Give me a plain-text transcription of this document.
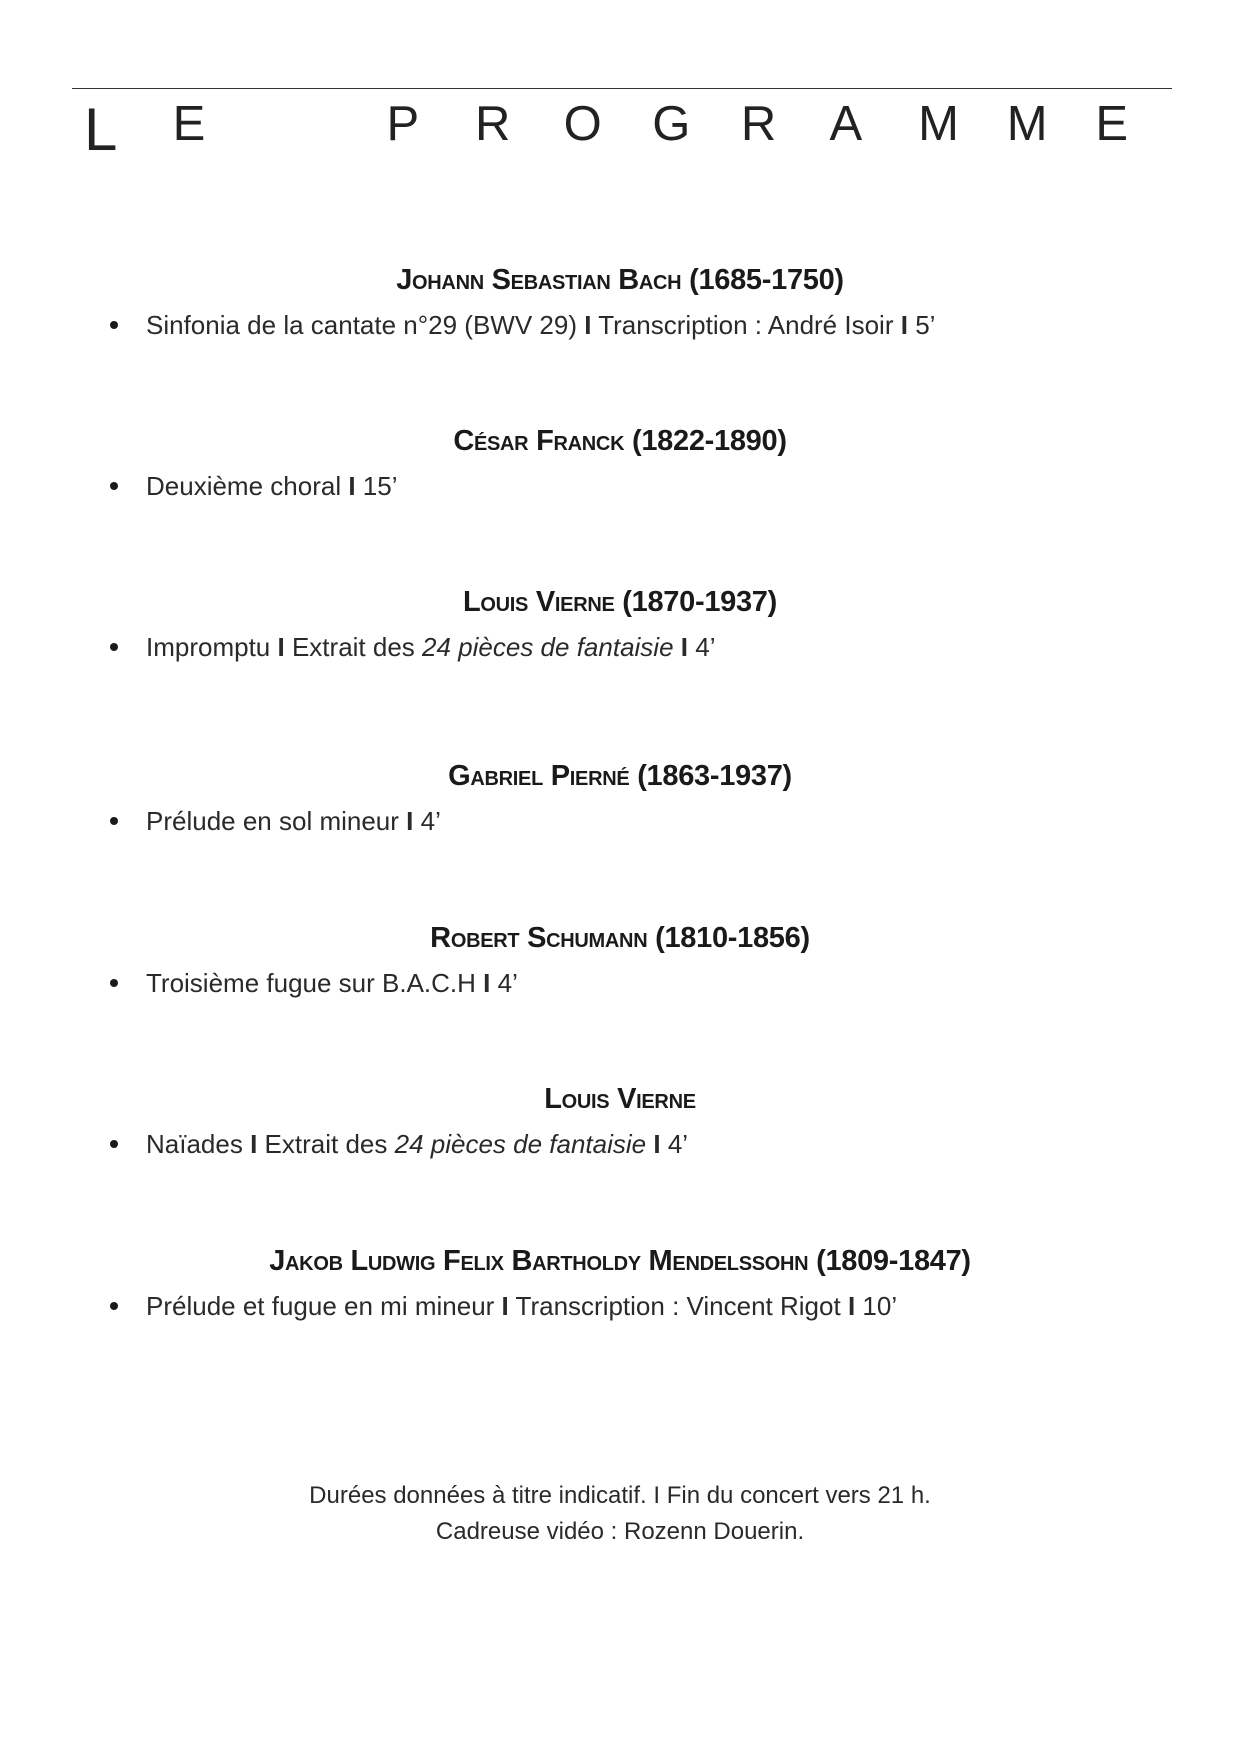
L	E	P	R	O	G	R	A	M M E
Johann Sebastian Bach (1685-1750)
Sinfonia de la cantate n°29 (BWV 29) I Transcription : André Isoir I 5’
César Franck (1822-1890)
Deuxième choral I 15’
Louis Vierne (1870-1937)
Impromptu I Extrait des 24 pièces de fantaisie I 4’
Gabriel Pierné (1863-1937)
Prélude en sol mineur I 4’
Robert Schumann (1810-1856)
Troisième fugue sur B.A.C.H I 4’
Louis Vierne
Naïades I Extrait des 24 pièces de fantaisie I 4’
Jakob Ludwig Felix Bartholdy Mendelssohn (1809-1847)
Prélude et fugue en mi mineur I Transcription : Vincent Rigot I 10’
Durées données à titre indicatif. I Fin du concert vers 21 h.
Cadreuse vidéo : Rozenn Douerin.
